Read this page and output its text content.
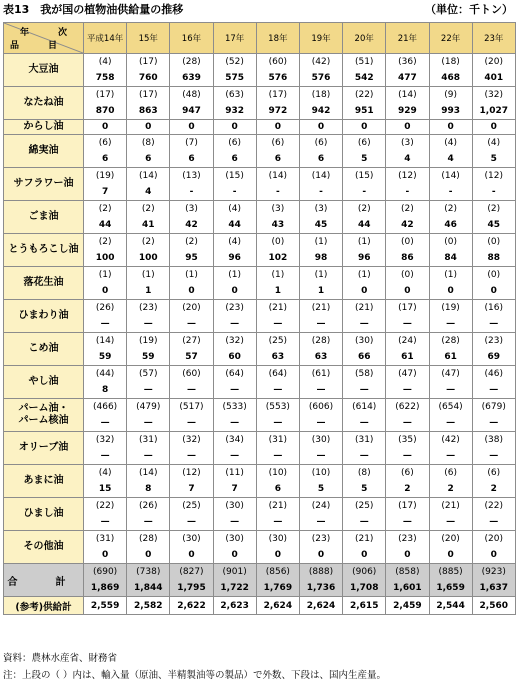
表13　我が国の植物油供給量の推移	（単位：千トン）
年　次
品　目	平成14年	15年	16年	17年	18年	19年	20年	21年	22年	23年
大豆油	(4)	(17)	(28)	(52)	(60)	(42)	(51)	(36)	(18)	(20)
	758	760	639	575	576	576	542	477	468	401
なたね油	(17)	(17)	(48)	(63)	(17)	(18)	(22)	(14)	(9)	(32)
	870	863	947	932	972	942	951	929	993	1,027
からし油	0	0	0	0	0	0	0	0	0	0
綿実油	(6)	(8)	(7)	(6)	(6)	(6)	(6)	(3)	(4)	(4)
	6	6	6	6	6	6	5	4	4	5
サフラワー油	(19)	(14)	(13)	(15)	(14)	(14)	(15)	(12)	(14)	(12)
	7	4	-	-	-	-	-	-	-	-
ごま油	(2)	(2)	(3)	(4)	(3)	(3)	(2)	(2)	(2)	(2)
	44	41	42	44	43	45	44	42	46	45
とうもろこし油	(2)	(2)	(2)	(4)	(0)	(1)	(1)	(0)	(0)	(0)
	100	100	95	96	102	98	96	86	84	88
落花生油	(1)	(1)	(1)	(1)	(1)	(1)	(1)	(0)	(1)	(0)
	0	1	0	0	1	1	0	0	0	0
ひまわり油	(26)	(23)	(20)	(23)	(21)	(21)	(21)	(17)	(19)	(16)
	—	—	—	—	—	—	—	—	—	—
こめ油	(14)	(19)	(27)	(32)	(25)	(28)	(30)	(24)	(28)	(23)
	59	59	57	60	63	63	66	61	61	69
やし油	(44)	(57)	(60)	(64)	(64)	(61)	(58)	(47)	(47)	(46)
	8	—	—	—	—	—	—	—	—	—
パーム油・
パーム核油	(466)	(479)	(517)	(533)	(553)	(606)	(614)	(622)	(654)	(679)
	—	—	—	—	—	—	—	—	—	—
オリーブ油	(32)	(31)	(32)	(34)	(31)	(30)	(31)	(35)	(42)	(38)
	—	—	—	—	—	—	—	—	—	—
あまに油	(4)	(14)	(12)	(11)	(10)	(10)	(8)	(6)	(6)	(6)
	15	8	7	7	6	5	5	2	2	2
ひまし油	(22)	(26)	(25)	(30)	(21)	(24)	(25)	(17)	(21)	(22)
	—	—	—	—	—	—	—	—	—	—
その他油	(31)	(28)	(30)	(30)	(30)	(23)	(21)	(23)	(20)	(20)
	0	0	0	0	0	0	0	0	0	0
合　計	(690)	(738)	(827)	(901)	(856)	(888)	(906)	(858)	(885)	(923)
	1,869	1,844	1,795	1,722	1,769	1,736	1,708	1,601	1,659	1,637
(参考)供給計	2,559	2,582	2,622	2,623	2,624	2,624	2,615	2,459	2,544	2,560
資料：農林水産省、財務省
注：上段の（ ）内は、輸入量（原油、半精製油等の製品）で外数、下段は、国内生産量。
